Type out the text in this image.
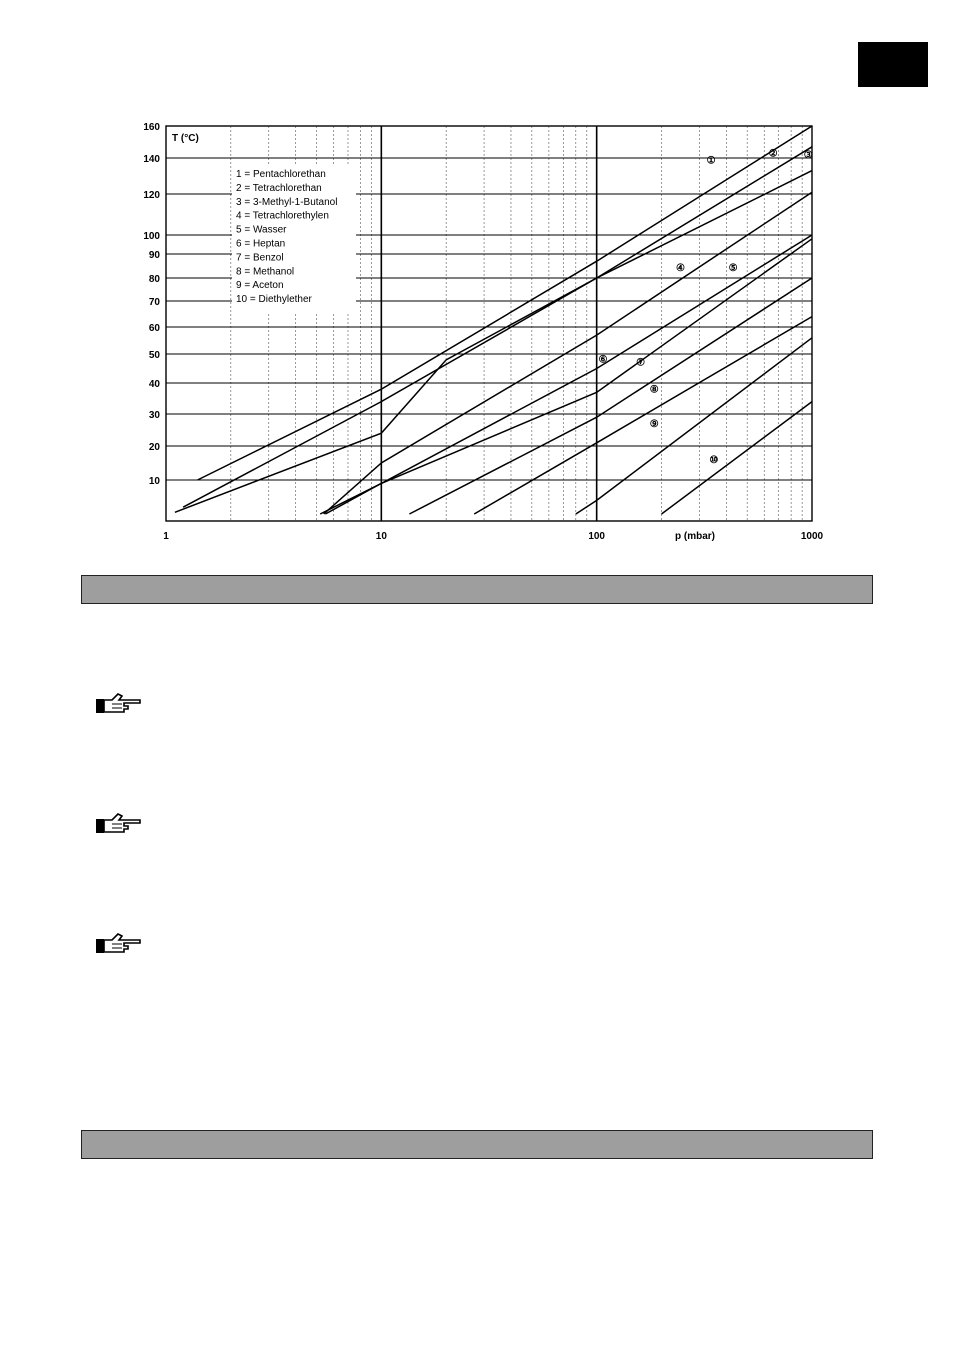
10
20
30
40
50
60
70
80
90
100
120
140
160
1	10	100	1000
1 = Pentachlorethan
2 = Tetrachlorethan
3 = 3-Methyl-1-Butanol
4 = Tetrachlorethylen
5 = Wasser
6 = Heptan
7 = Benzol
8 = Methanol
9 = Aceton
10 = Diethylether
①
②	③
④	⑤
⑥	⑦
⑧
⑨
⑩
T (°C)
p (mbar)
